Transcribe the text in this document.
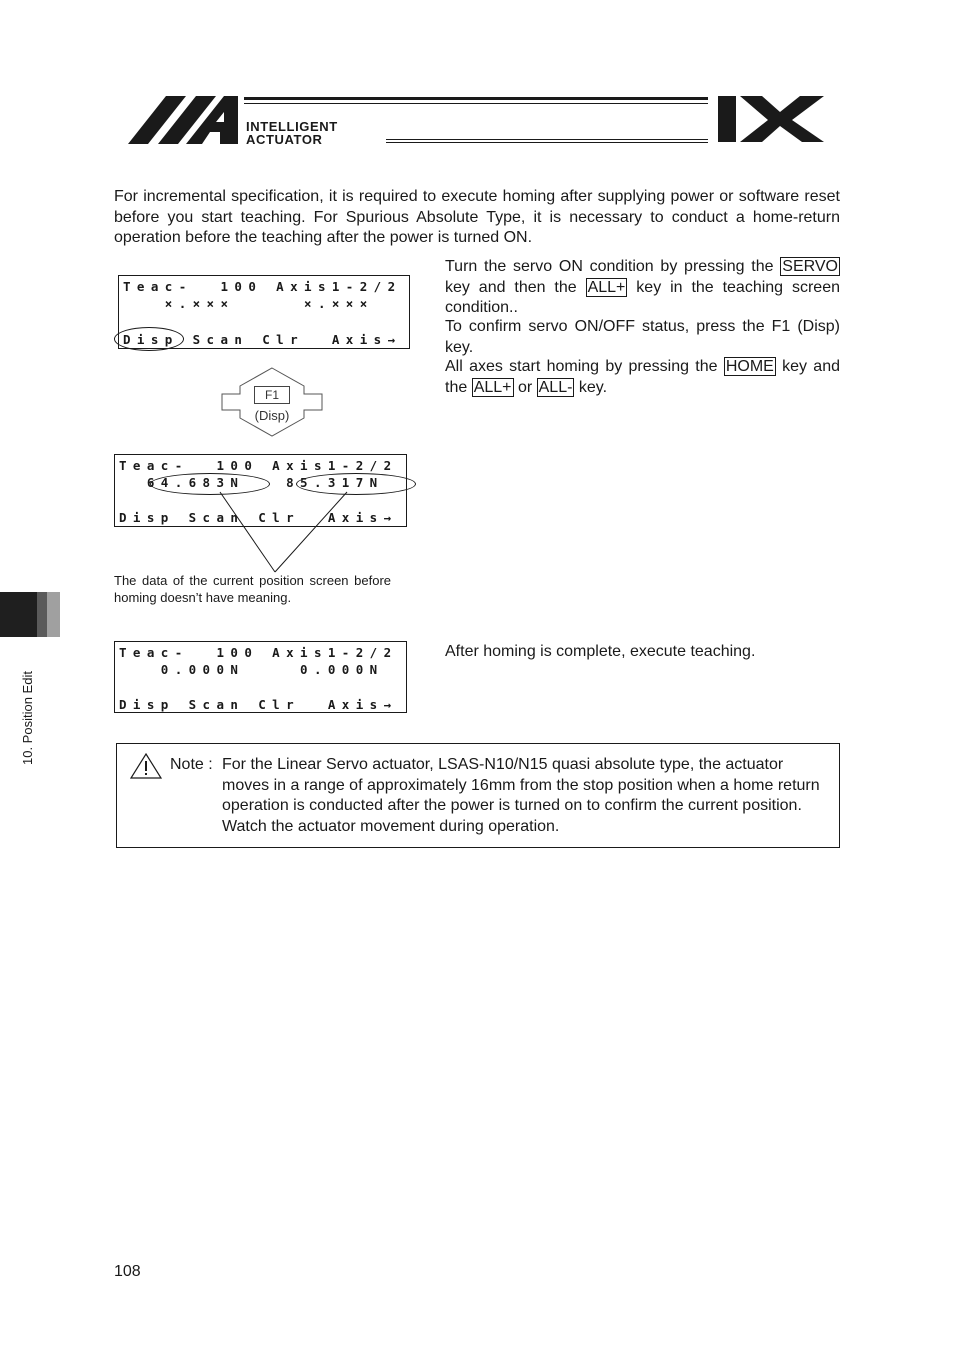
INTELLIGENT
ACTUATOR
For incremental specification, it is required to execute homing after supplying power or software reset before you start teaching. For Spurious Absolute Type, it is necessary to conduct a home-return operation before the teaching after the power is turned ON.
Teac-  100 Axis1-2/2
×.×××     ×.×××
Disp Scan Clr  Axis→
F1
(Disp)
Teac-  100 Axis1-2/2
64.683N   85.317N
Disp Scan Clr  Axis→
The data of the current position screen before homing doesn’t have meaning.
Teac-  100 Axis1-2/2
0.000N    0.000N
Disp Scan Clr  Axis→
Turn the servo ON condition by pressing the SERVO key and then the ALL+ key in the teaching screen condition..
To confirm servo ON/OFF status, press the F1 (Disp) key.
All axes start homing by pressing the HOME key and the ALL+ or ALL- key.
After homing is complete, execute teaching.
Note : For the Linear Servo actuator, LSAS-N10/N15 quasi absolute type, the actuator moves in a range of approximately 16mm from the stop position when a home return operation is conducted after the power is turned on to confirm the current position. Watch the actuator movement during operation.
10. Position Edit
108
